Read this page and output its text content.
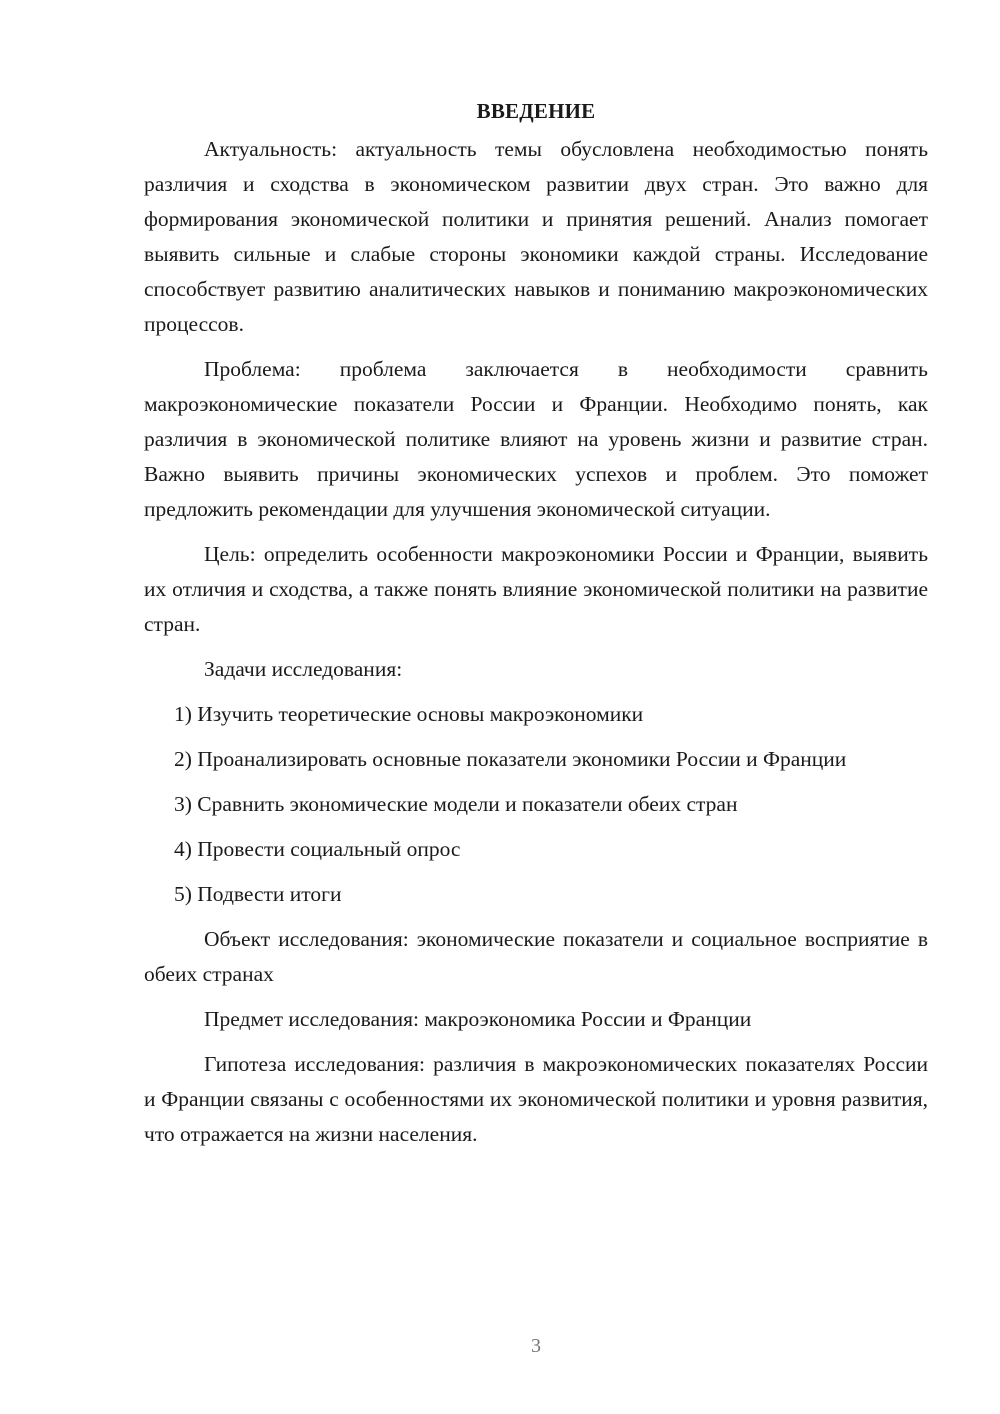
ВВЕДЕНИЕ

Актуальность: актуальность темы обусловлена необходимостью понять различия и сходства в экономическом развитии двух стран. Это важно для формирования экономической политики и принятия решений. Анализ помогает выявить сильные и слабые стороны экономики каждой страны. Исследование способствует развитию аналитических навыков и пониманию макроэкономических процессов.

Проблема: проблема заключается в необходимости сравнить макроэкономические показатели России и Франции. Необходимо понять, как различия в экономической политике влияют на уровень жизни и развитие стран. Важно выявить причины экономических успехов и проблем. Это поможет предложить рекомендации для улучшения экономической ситуации.

Цель: определить особенности макроэкономики России и Франции, выявить их отличия и сходства, а также понять влияние экономической политики на развитие стран.

Задачи исследования:

1) Изучить теоретические основы макроэкономики

2) Проанализировать основные показатели экономики России и Франции

3) Сравнить экономические модели и показатели обеих стран

4) Провести социальный опрос

5) Подвести итоги

Объект исследования: экономические показатели и социальное восприятие в обеих странах

Предмет исследования: макроэкономика России и Франции

Гипотеза исследования: различия в макроэкономических показателях России и Франции связаны с особенностями их экономической политики и уровня развития, что отражается на жизни населения.

3
